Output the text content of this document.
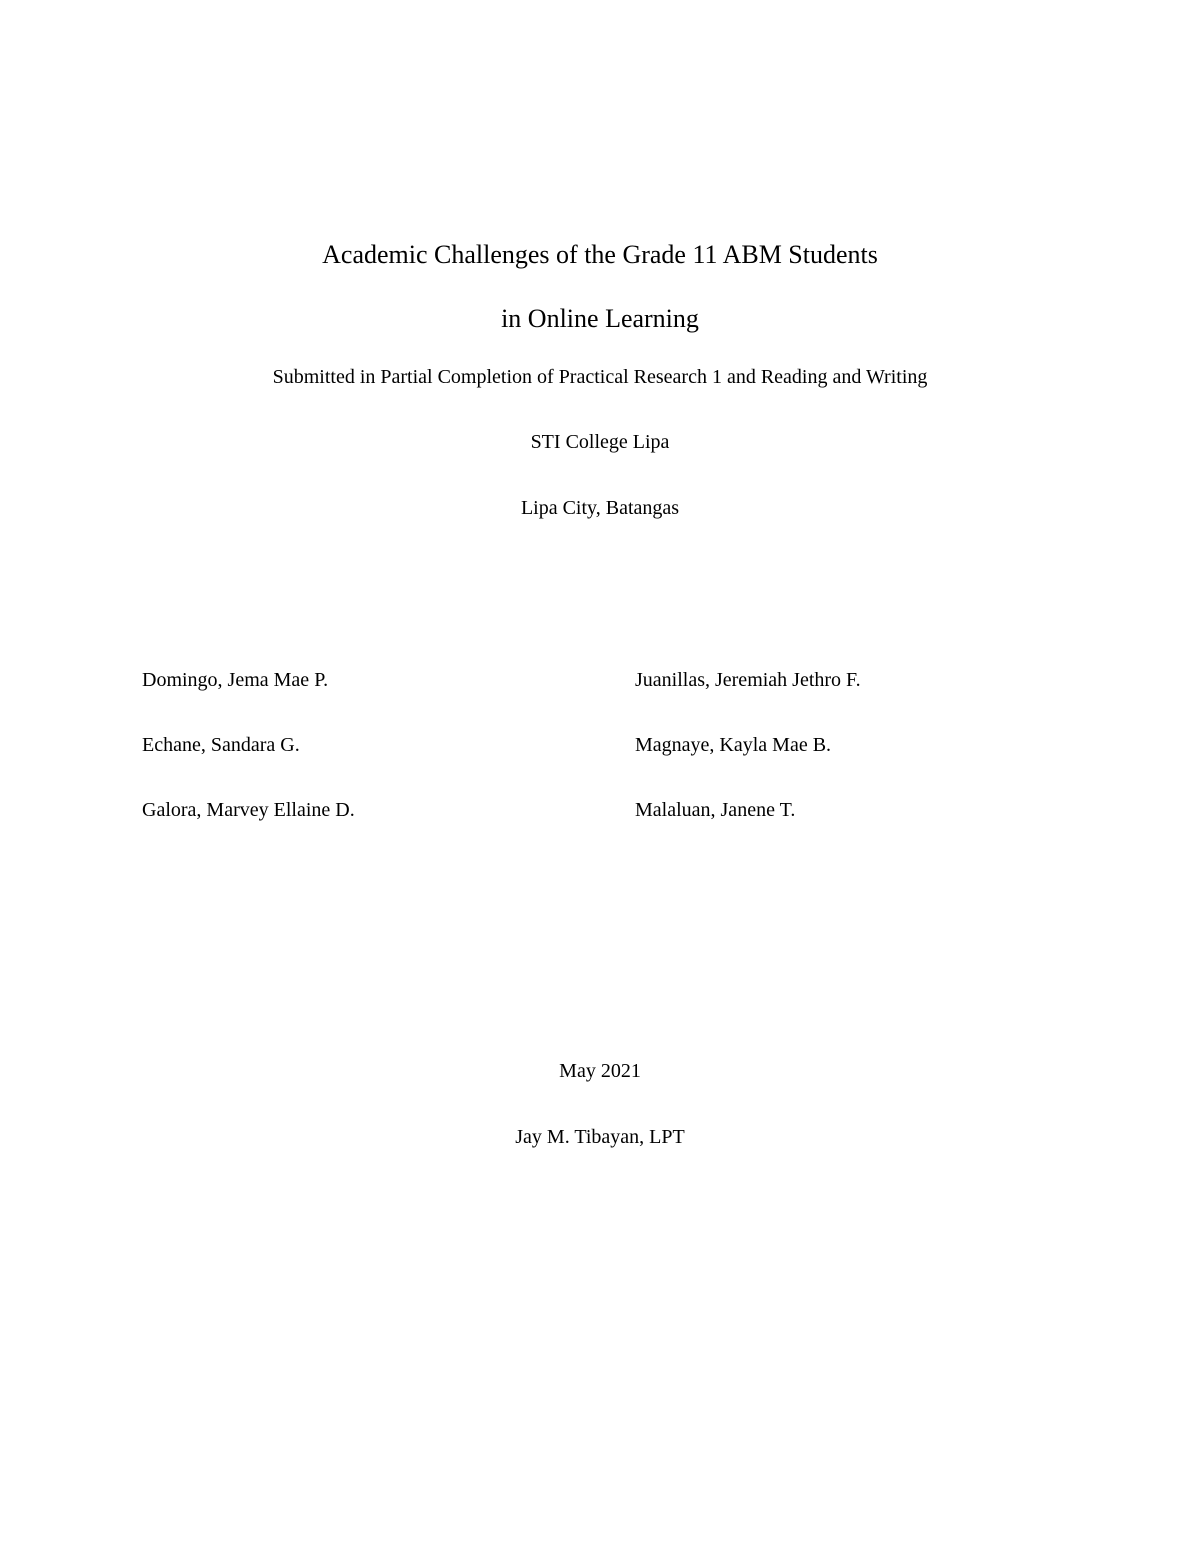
Academic Challenges of the Grade 11 ABM Students
in Online Learning
Submitted in Partial Completion of Practical Research 1 and Reading and Writing
STI College Lipa
Lipa City, Batangas
Domingo, Jema Mae P.
Echane, Sandara G.
Galora, Marvey Ellaine D.
Juanillas, Jeremiah Jethro F.
Magnaye, Kayla Mae B.
Malaluan, Janene T.
May 2021
Jay M. Tibayan, LPT
